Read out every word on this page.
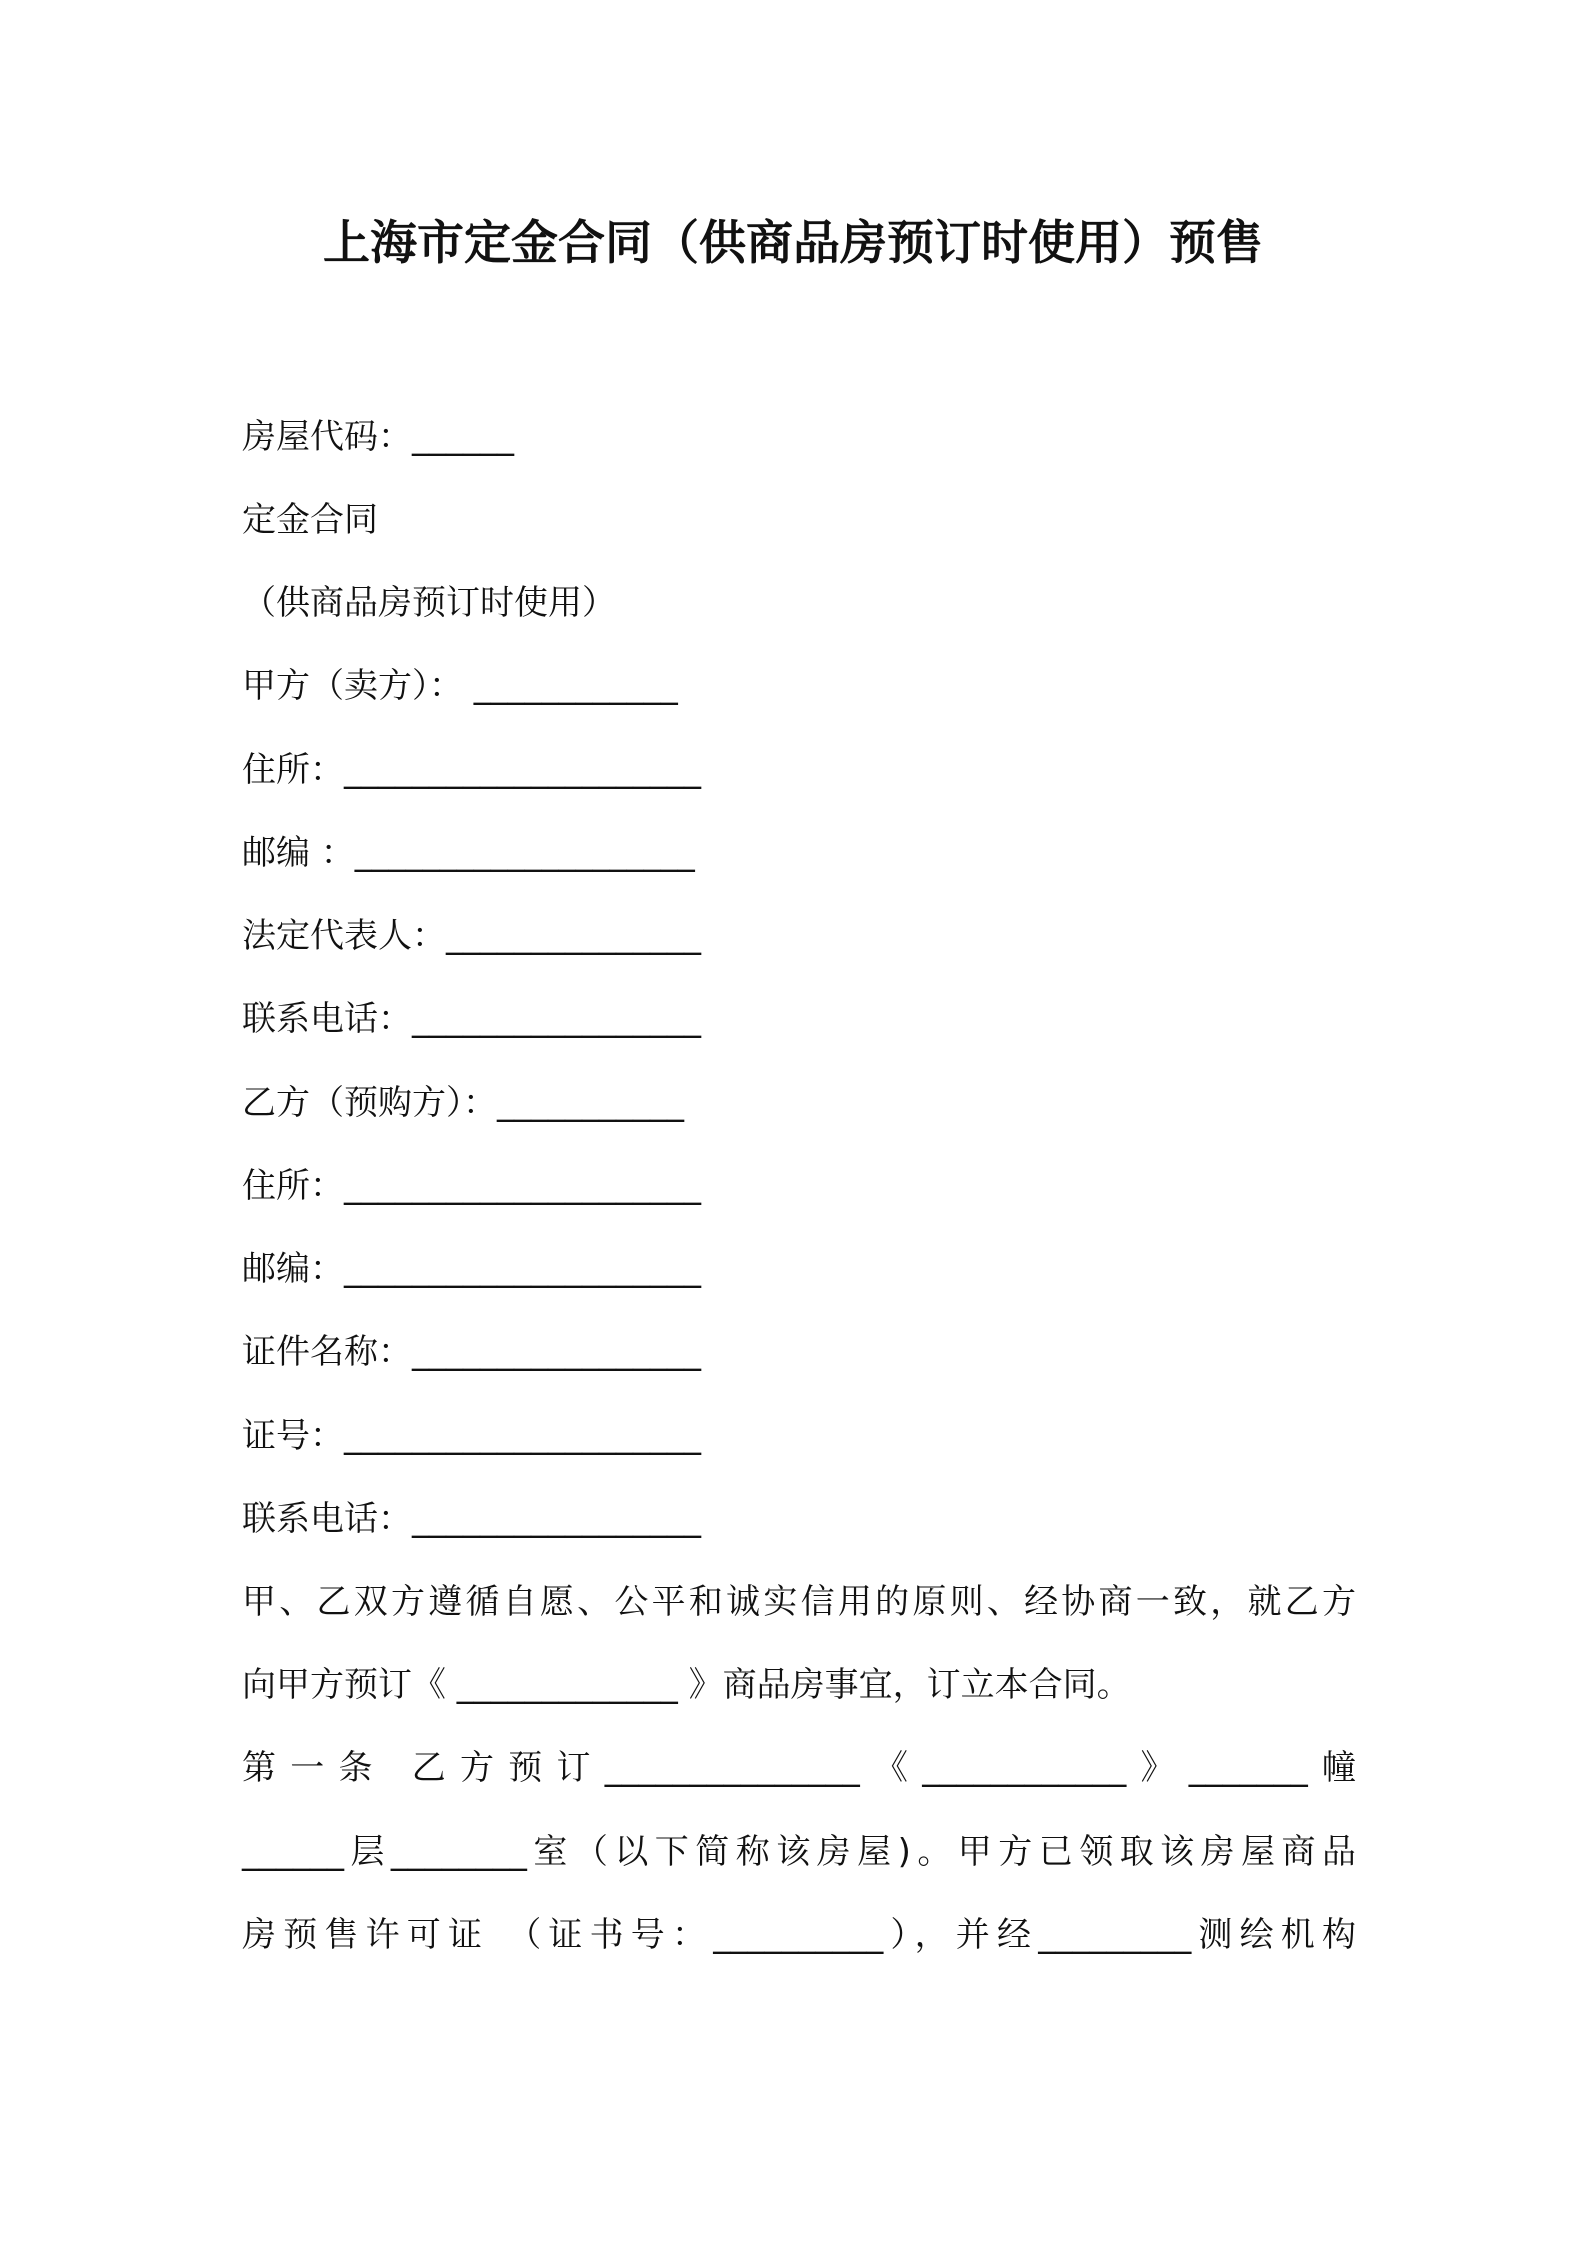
上海市定金合同（供商品房预订时使用）预售
房屋代码：______
定金合同
（供商品房预订时使用）
甲方（卖方）： ____________
住所：_____________________
邮编 ：____________________
法定代表人：_______________
联系电话：_________________
乙方（预购方）：___________
住所：_____________________
邮编：_____________________
证件名称：_________________
证号：_____________________
联系电话：_________________
甲、乙双方遵循自愿、公平和诚实信用的原则、经协商一致，就乙方
向甲方预订《 _____________ 》商品房事宜，订立本合同。
第一条 乙方预订_______________《____________》_______幢
______层________室（以下简称该房屋)。甲方已领取该房屋商品
房预售许可证 （证书号：__________），并经_________测绘机构
